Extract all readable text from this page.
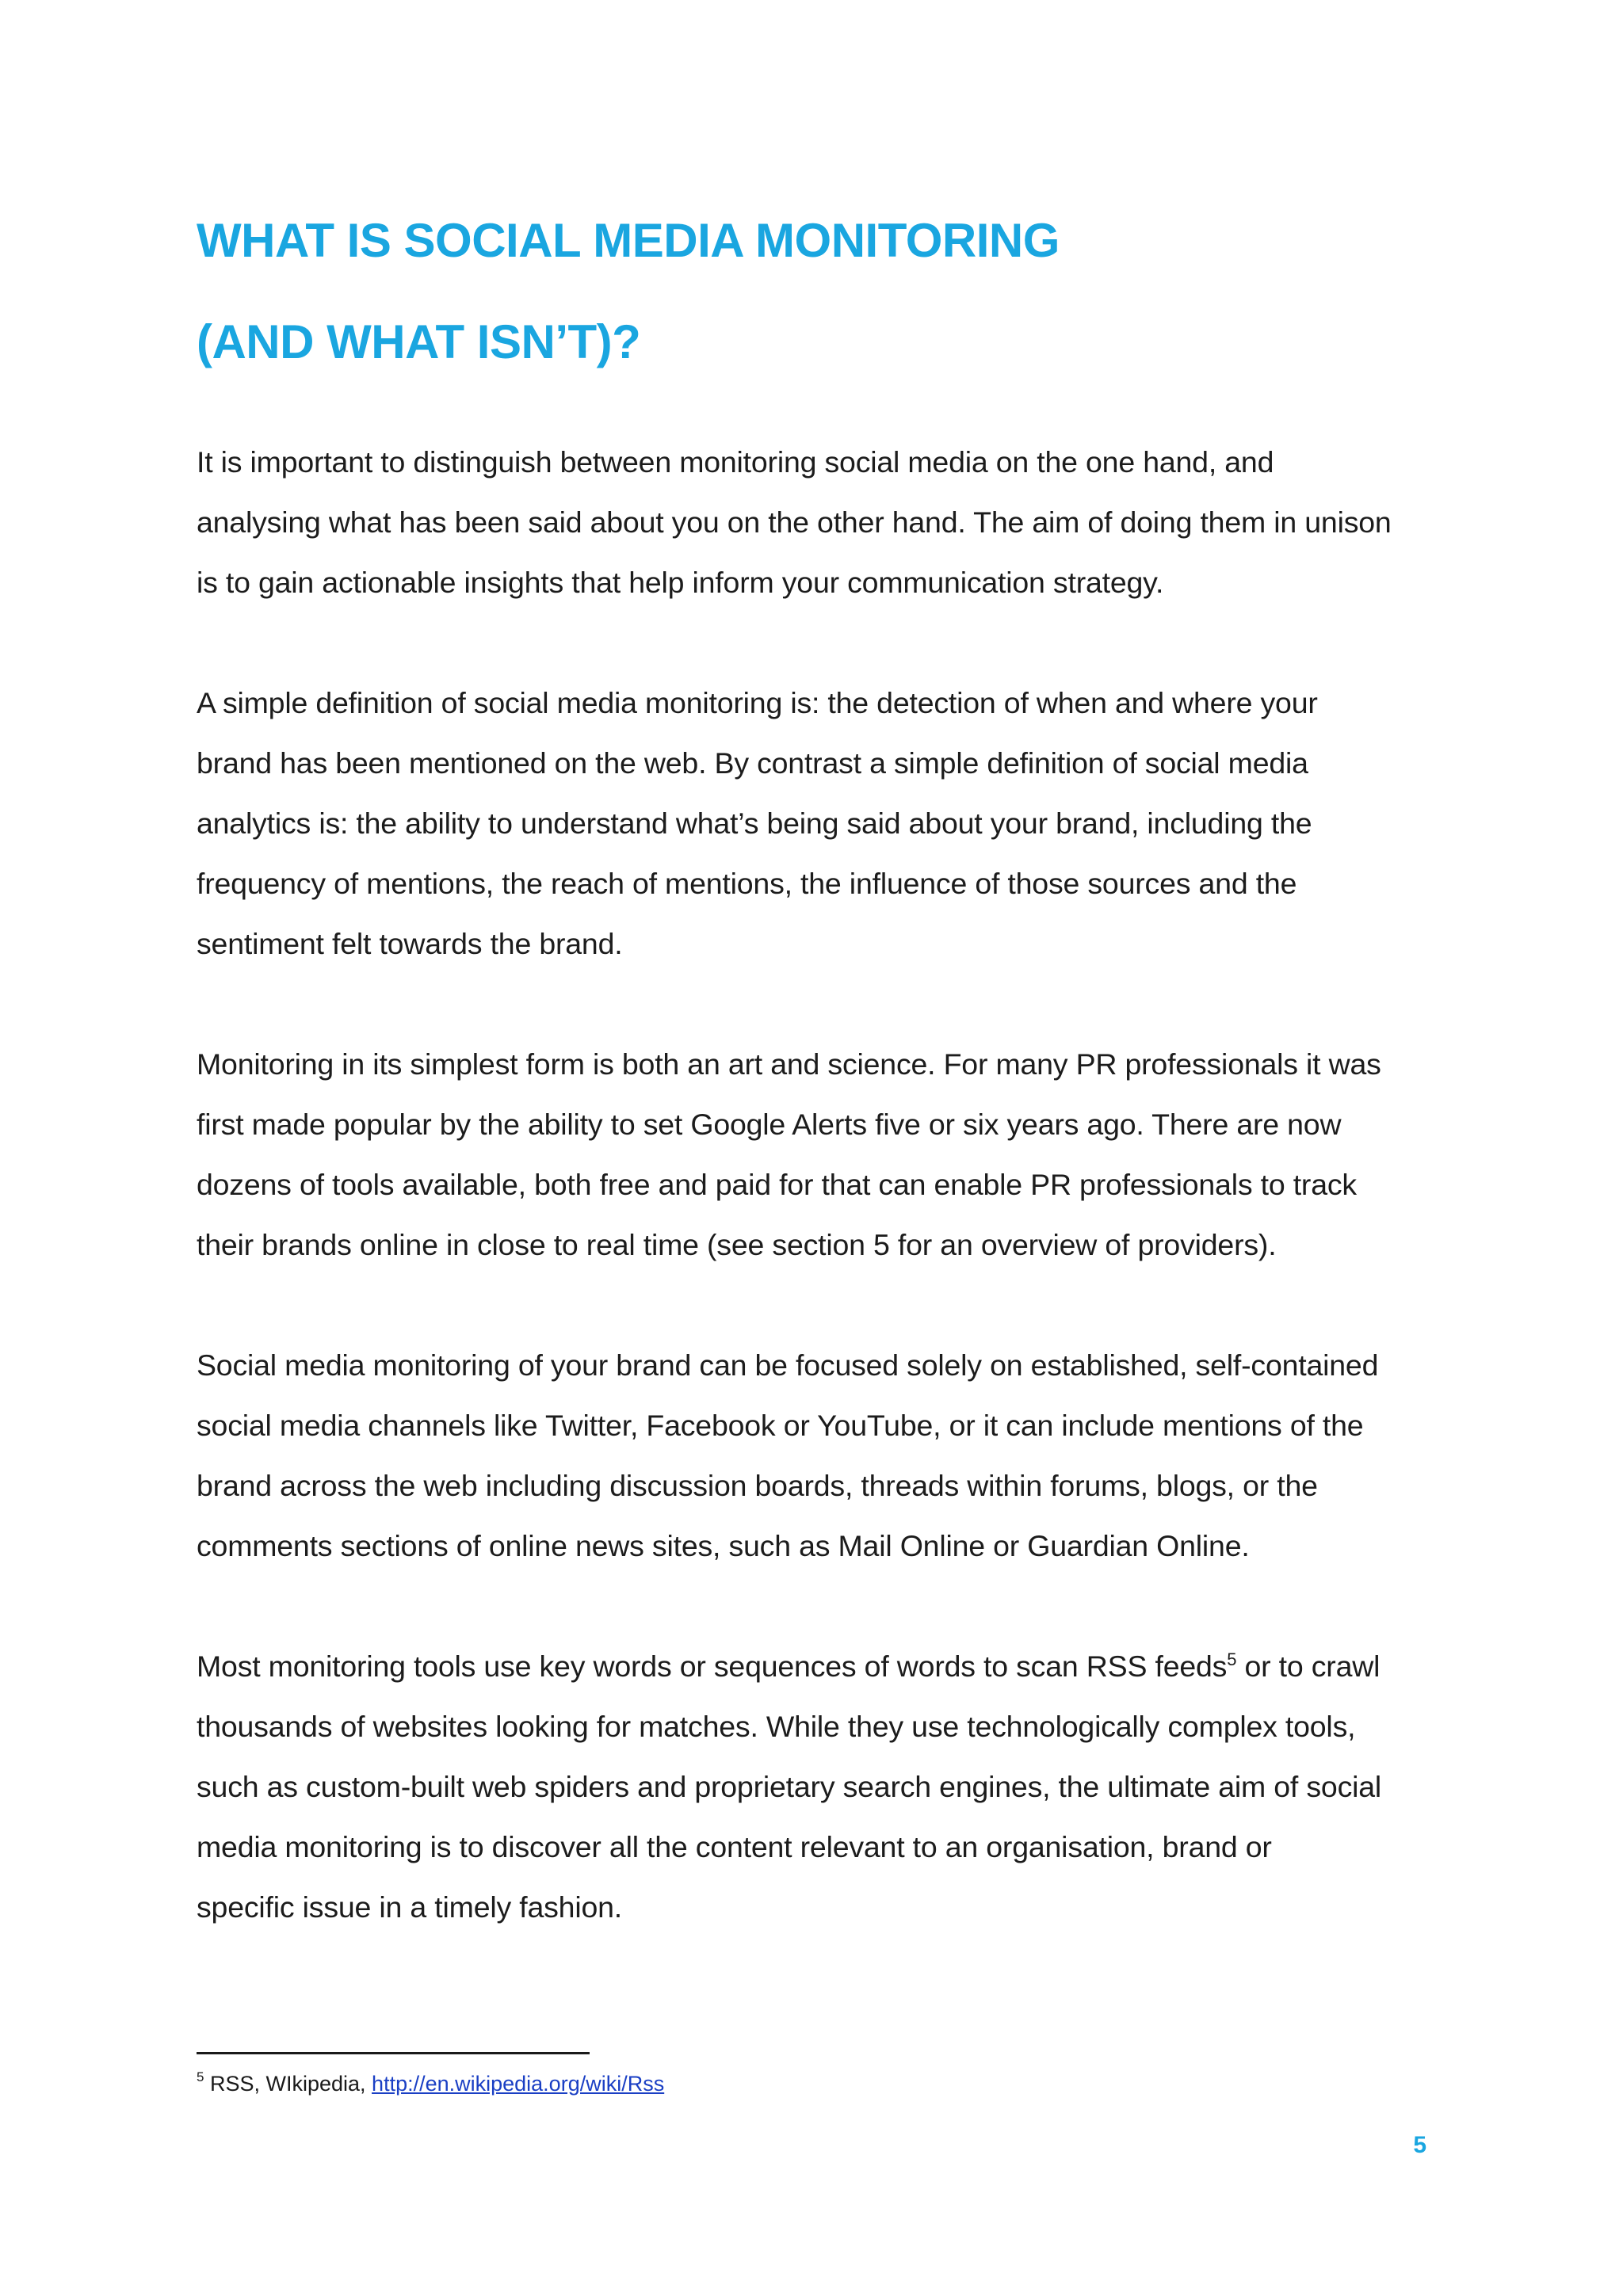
WHAT IS SOCIAL MEDIA MONITORING
(AND WHAT ISN’T)?

It is important to distinguish between monitoring social media on the one hand, and
analysing what has been said about you on the other hand. The aim of doing them in unison
is to gain actionable insights that help inform your communication strategy.

A simple definition of social media monitoring is: the detection of when and where your
brand has been mentioned on the web. By contrast a simple definition of social media
analytics is: the ability to understand what’s being said about your brand, including the
frequency of mentions, the reach of mentions, the influence of those sources and the
sentiment felt towards the brand.

Monitoring in its simplest form is both an art and science. For many PR professionals it was
first made popular by the ability to set Google Alerts five or six years ago. There are now
dozens of tools available, both free and paid for that can enable PR professionals to track
their brands online in close to real time (see section 5 for an overview of providers).

Social media monitoring of your brand can be focused solely on established, self-contained
social media channels like Twitter, Facebook or YouTube, or it can include mentions of the
brand across the web including discussion boards, threads within forums, blogs, or the
comments sections of online news sites, such as Mail Online or Guardian Online.

Most monitoring tools use key words or sequences of words to scan RSS feeds$^5$ or to crawl
thousands of websites looking for matches. While they use technologically complex tools,
such as custom-built web spiders and proprietary search engines, the ultimate aim of social
media monitoring is to discover all the content relevant to an organisation, brand or
specific issue in a timely fashion.

$^5$ RSS, WIkipedia, http://en.wikipedia.org/wiki/Rss
5
